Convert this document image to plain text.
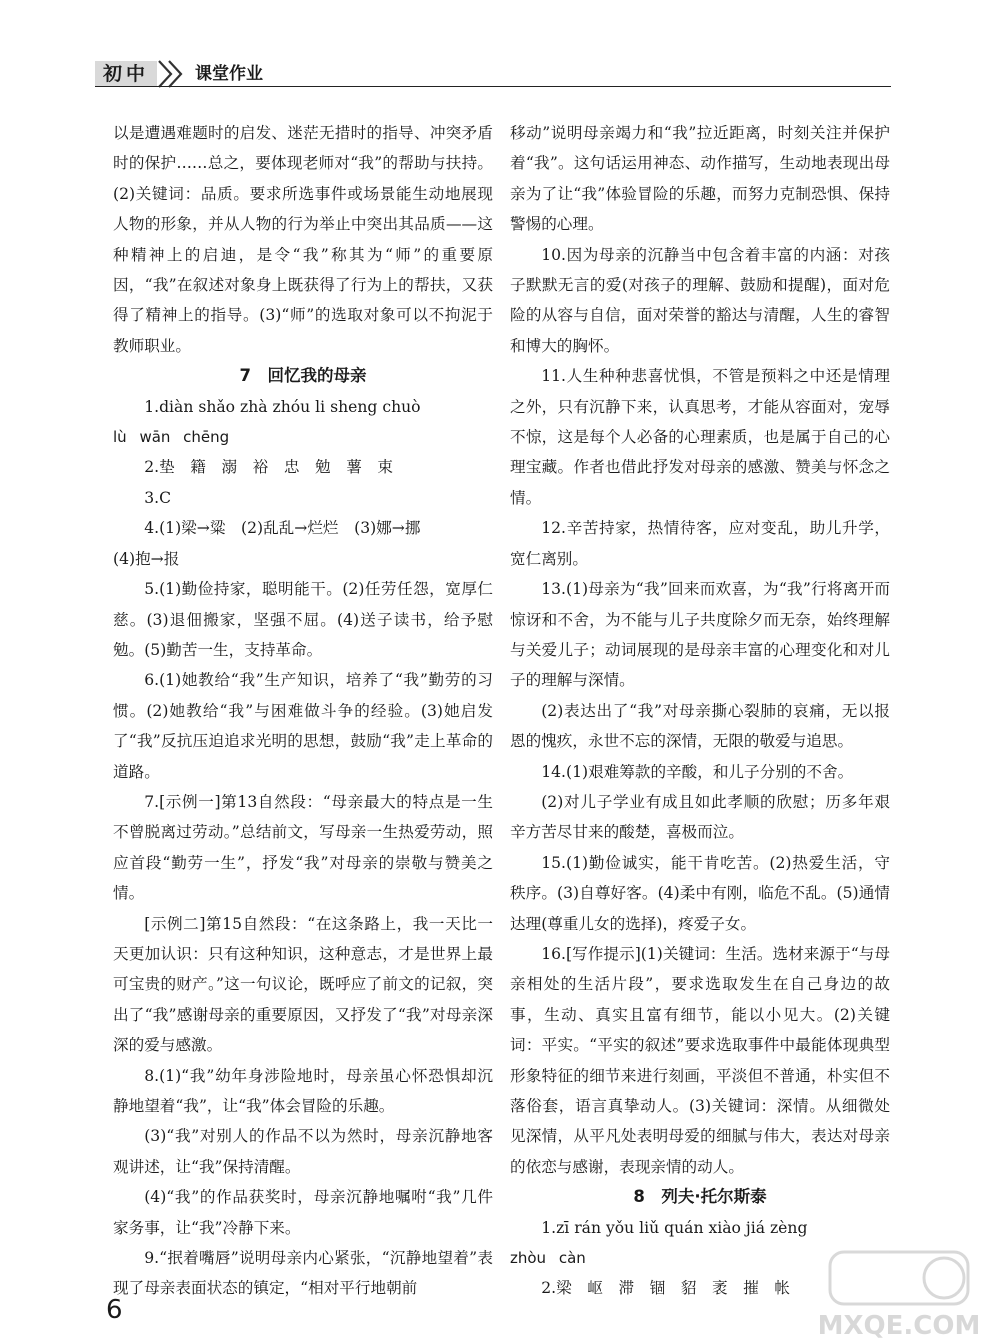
初中	课堂作业

以是遭遇难题时的启发、迷茫无措时的指导、冲突矛盾时的保护……总之，要体现老师对“我”的帮助与扶持。(2)关键词：品质。要求所选事件或场景能生动地展现人物的形象，并从人物的行为举止中突出其品质——这种精神上的启迪，是令“我”称其为“师”的重要原因，“我”在叙述对象身上既获得了行为上的帮扶，又获得了精神上的指导。(3)“师”的选取对象可以不拘泥于教师职业。

7　回忆我的母亲

1.diàn shǎo zhà zhóu li sheng chuò

lù wān chēng

2.垫　籍　溺　裕　忠　勉　薯　束

3.C

4.(1)梁→粱　(2)乱乱→烂烂　(3)娜→挪

(4)抱→报

5.(1)勤俭持家，聪明能干。(2)任劳任怨，宽厚仁慈。(3)退佃搬家，坚强不屈。(4)送子读书，给予慰勉。(5)勤苦一生，支持革命。

6.(1)她教给“我”生产知识，培养了“我”勤劳的习惯。(2)她教给“我”与困难做斗争的经验。(3)她启发了“我”反抗压迫追求光明的思想，鼓励“我”走上革命的道路。

7.[示例一]第13自然段：“母亲最大的特点是一生不曾脱离过劳动。”总结前文，写母亲一生热爱劳动，照应首段“勤劳一生”，抒发“我”对母亲的崇敬与赞美之情。

[示例二]第15自然段：“在这条路上，我一天比一天更加认识：只有这种知识，这种意志，才是世界上最可宝贵的财产。”这一句议论，既呼应了前文的记叙，突出了“我”感谢母亲的重要原因，又抒发了“我”对母亲深深的爱与感激。

8.(1)“我”幼年身涉险地时，母亲虽心怀恐惧却沉静地望着“我”，让“我”体会冒险的乐趣。

(3)“我”对别人的作品不以为然时，母亲沉静地客观讲述，让“我”保持清醒。

(4)“我”的作品获奖时，母亲沉静地嘱咐“我”几件家务事，让“我”冷静下来。

9.“抿着嘴唇”说明母亲内心紧张，“沉静地望着”表现了母亲表面状态的镇定，“相对平行地朝前

移动”说明母亲竭力和“我”拉近距离，时刻关注并保护着“我”。这句话运用神态、动作描写，生动地表现出母亲为了让“我”体验冒险的乐趣，而努力克制恐惧、保持警惕的心理。

10.因为母亲的沉静当中包含着丰富的内涵：对孩子默默无言的爱(对孩子的理解、鼓励和提醒)，面对危险的从容与自信，面对荣誉的豁达与清醒，人生的睿智和博大的胸怀。

11.人生种种悲喜忧惧，不管是预料之中还是情理之外，只有沉静下来，认真思考，才能从容面对，宠辱不惊，这是每个人必备的心理素质，也是属于自己的心理宝藏。作者也借此抒发对母亲的感激、赞美与怀念之情。

12.辛苦持家，热情待客，应对变乱，助儿升学，宽仁离别。

13.(1)母亲为“我”回来而欢喜，为“我”行将离开而惊讶和不舍，为不能与儿子共度除夕而无奈，始终理解与关爱儿子；动词展现的是母亲丰富的心理变化和对儿子的理解与深情。

(2)表达出了“我”对母亲撕心裂肺的哀痛，无以报恩的愧疚，永世不忘的深情，无限的敬爱与追思。

14.(1)艰难筹款的辛酸，和儿子分别的不舍。

(2)对儿子学业有成且如此孝顺的欣慰；历多年艰辛方苦尽甘来的酸楚，喜极而泣。

15.(1)勤俭诚实，能干肯吃苦。(2)热爱生活，守秩序。(3)自尊好客。(4)柔中有刚，临危不乱。(5)通情达理(尊重儿女的选择)，疼爱子女。

16.[写作提示](1)关键词：生活。选材来源于“与母亲相处的生活片段”，要求选取发生在自己身边的故事，生动、真实且富有细节，能以小见大。(2)关键词：平实。“平实的叙述”要求选取事件中最能体现典型形象特征的细节来进行刻画，平淡但不普通，朴实但不落俗套，语言真挚动人。(3)关键词：深情。从细微处见深情，从平凡处表明母爱的细腻与伟大，表达对母亲的依恋与感谢，表现亲情的动人。

8　列夫·托尔斯泰

1.zī rán yǒu liǔ quán xiào jiá zèng

zhòu càn

2.梁　岖　滞　锢　貂　袤　摧　帐

6
MXQE.COM
